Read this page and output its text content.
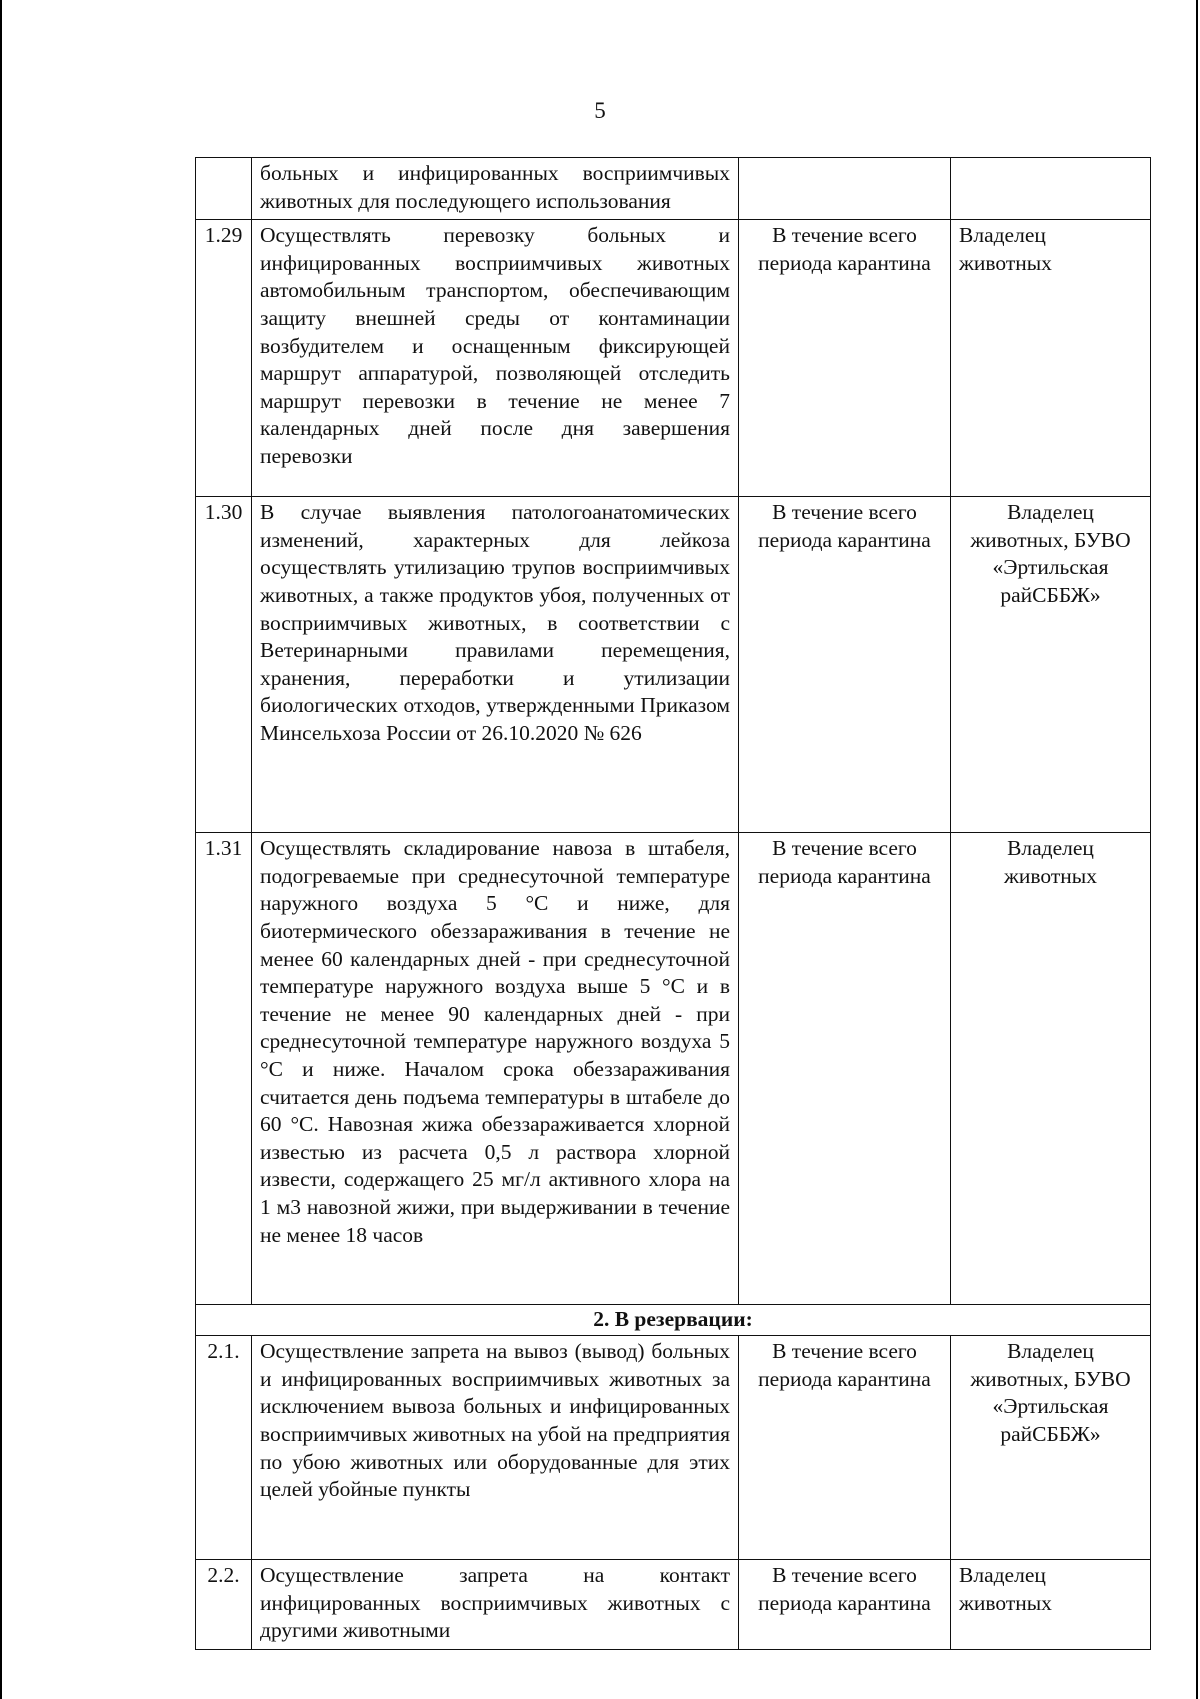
5
	больных и инфицированных восприимчивых животных для последующего использования		
1.29	Осуществлять перевозку больных и инфицированных восприимчивых животных автомобильным транспортом, обеспечивающим защиту внешней среды от контаминации возбудителем и оснащенным фиксирующей маршрут аппаратурой, позволяющей отследить маршрут перевозки в течение не менее 7 календарных дней после дня завершения перевозки	В течение всего периода карантина	Владелец животных
1.30	В случае выявления патологоанатомических изменений, характерных для лейкоза осуществлять утилизацию трупов восприимчивых животных, а также продуктов убоя, полученных от восприимчивых животных, в соответствии с Ветеринарными правилами перемещения, хранения, переработки и утилизации биологических отходов, утвержденными Приказом Минсельхоза России от 26.10.2020 № 626	В течение всего периода карантина	Владелец животных, БУВО «Эртильская райСББЖ»
1.31	Осуществлять складирование навоза в штабеля, подогреваемые при среднесуточной температуре наружного воздуха 5 °С и ниже, для биотермического обеззараживания в течение не менее 60 календарных дней - при среднесуточной температуре наружного воздуха выше 5 °С и в течение не менее 90 календарных дней - при среднесуточной температуре наружного воздуха 5 °С и ниже. Началом срока обеззараживания считается день подъема температуры в штабеле до 60 °С. Навозная жижа обеззараживается хлорной известью из расчета 0,5 л раствора хлорной извести, содержащего 25 мг/л активного хлора на 1 м3 навозной жижи, при выдерживании в течение не менее 18 часов	В течение всего периода карантина	Владелец животных
2. В резервации:			
2.1.	Осуществление запрета на вывоз (вывод) больных и инфицированных восприимчивых животных за исключением вывоза больных и инфицированных восприимчивых животных на убой на предприятия по убою животных или оборудованные для этих целей убойные пункты	В течение всего периода карантина	Владелец животных, БУВО «Эртильская райСББЖ»
2.2.	Осуществление запрета на контакт инфицированных восприимчивых животных с другими животными	В течение всего периода карантина	Владелец животных
